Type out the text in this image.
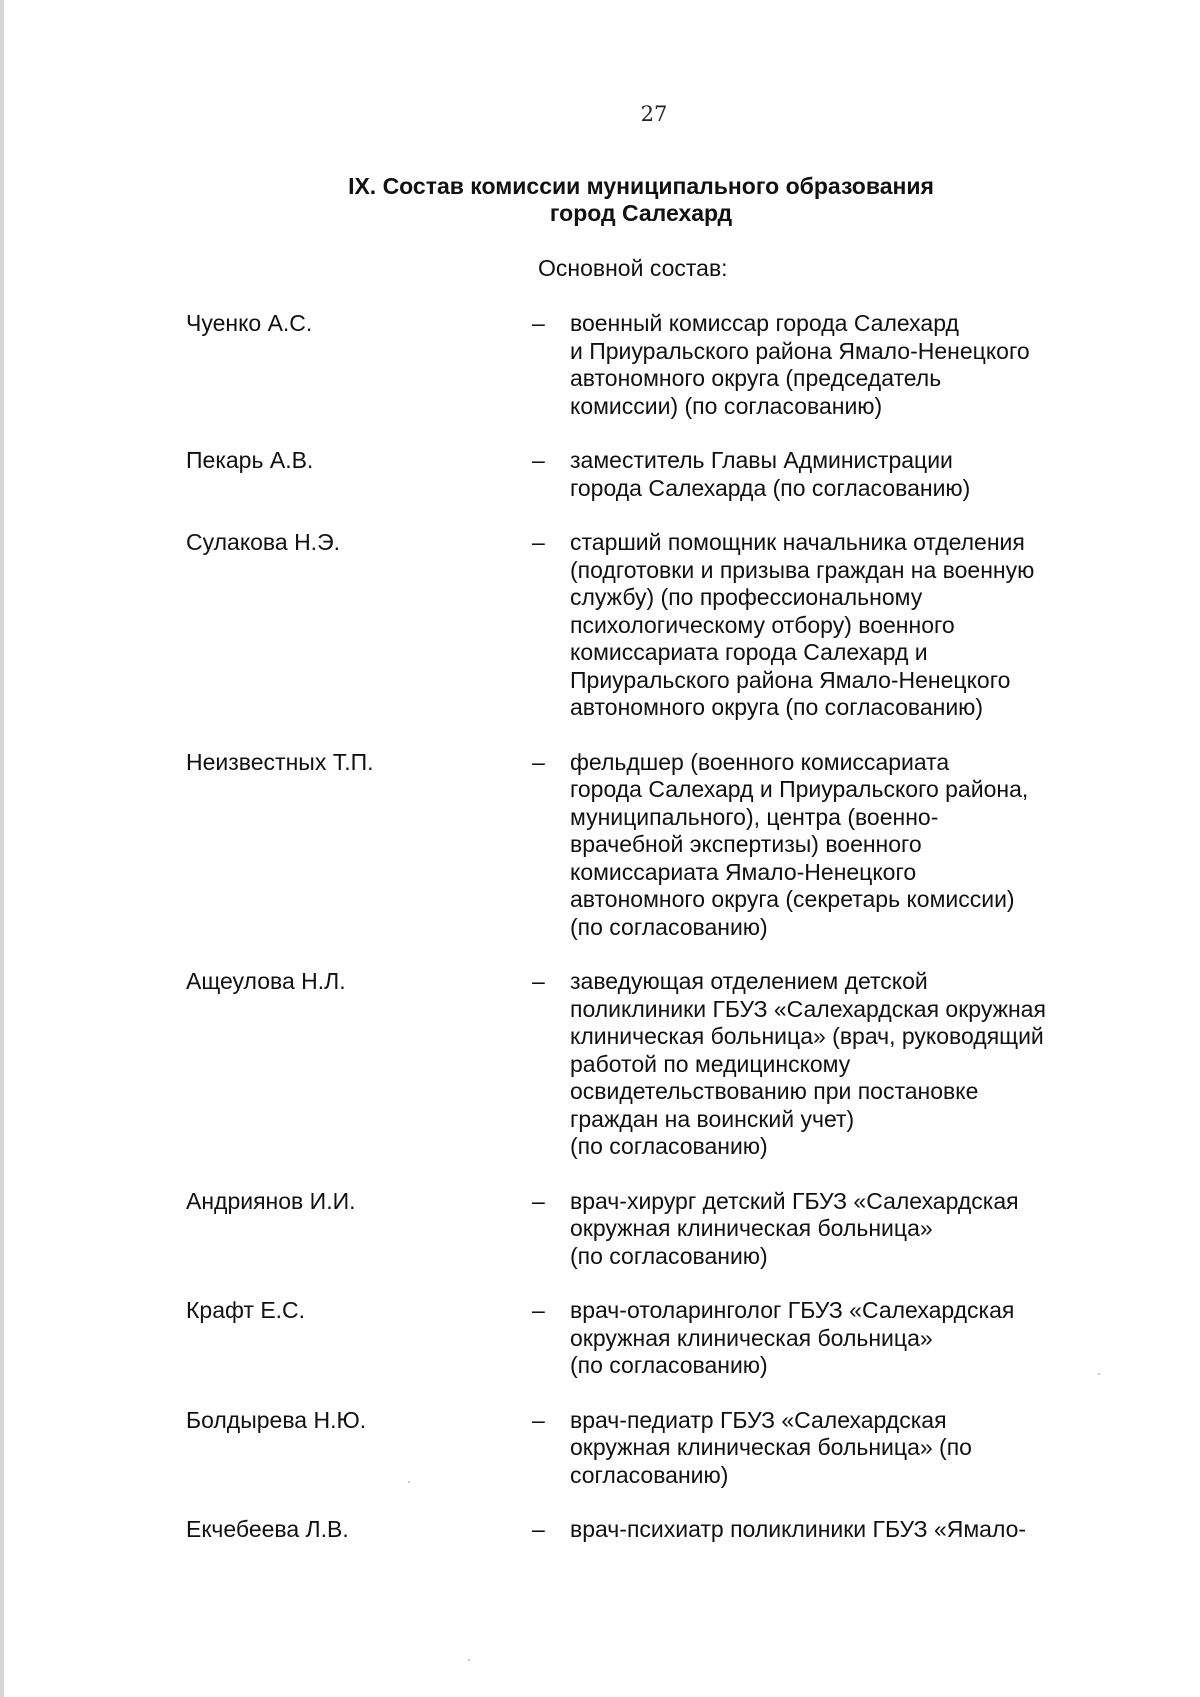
27
IX. Состав комиссии муниципального образования
город Салехард
Основной состав:
Чуенко А.С.	–	военный комиссар города Салехард
и Приуральского района Ямало-Ненецкого
автономного округа (председатель
комиссии) (по согласованию)
Пекарь А.В.	–	заместитель Главы Администрации
города Салехарда (по согласованию)
Сулакова Н.Э.	–	старший помощник начальника отделения
(подготовки и призыва граждан на военную
службу) (по профессиональному
психологическому отбору) военного
комиссариата города Салехард и
Приуральского района Ямало-Ненецкого
автономного округа (по согласованию)
Неизвестных Т.П.	–	фельдшер (военного комиссариата
города Салехард и Приуральского района,
муниципального), центра (военно-
врачебной экспертизы) военного
комиссариата Ямало-Ненецкого
автономного округа (секретарь комиссии)
(по согласованию)
Ащеулова Н.Л.	–	заведующая отделением детской
поликлиники ГБУЗ «Салехардская окружная
клиническая больница» (врач, руководящий
работой по медицинскому
освидетельствованию при постановке
граждан на воинский учет)
(по согласованию)
Андриянов И.И.	–	врач-хирург детский ГБУЗ «Салехардская
окружная клиническая больница»
(по согласованию)
Крафт Е.С.	–	врач-отоларинголог ГБУЗ «Салехардская
окружная клиническая больница»
(по согласованию)
Болдырева Н.Ю.	–	врач-педиатр ГБУЗ «Салехардская
окружная клиническая больница» (по
согласованию)
Екчебеева Л.В.	–	врач-психиатр поликлиники ГБУЗ «Ямало-
